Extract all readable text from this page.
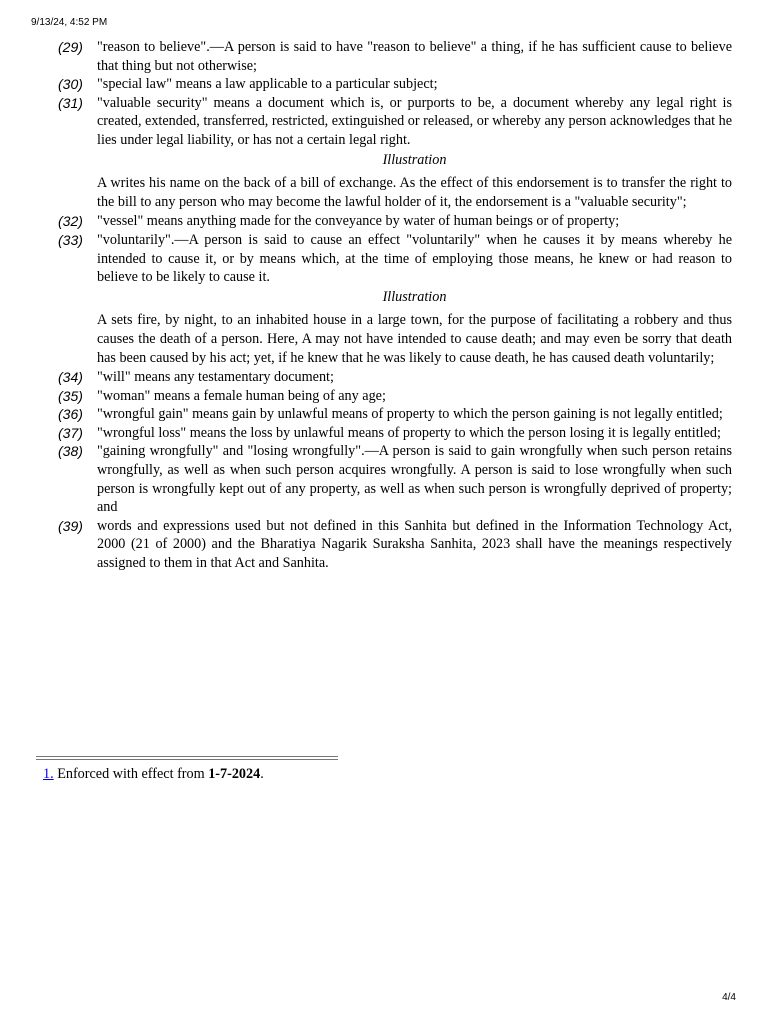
9/13/24, 4:52 PM
(29) "reason to believe".—A person is said to have "reason to believe" a thing, if he has sufficient cause to believe that thing but not otherwise;
(30) "special law" means a law applicable to a particular subject;
(31) "valuable security" means a document which is, or purports to be, a document whereby any legal right is created, extended, transferred, restricted, extinguished or released, or whereby any person acknowledges that he lies under legal liability, or has not a certain legal right.
Illustration
A writes his name on the back of a bill of exchange. As the effect of this endorsement is to transfer the right to the bill to any person who may become the lawful holder of it, the endorsement is a "valuable security";
(32) "vessel" means anything made for the conveyance by water of human beings or of property;
(33) "voluntarily".—A person is said to cause an effect "voluntarily" when he causes it by means whereby he intended to cause it, or by means which, at the time of employing those means, he knew or had reason to believe to be likely to cause it.
Illustration
A sets fire, by night, to an inhabited house in a large town, for the purpose of facilitating a robbery and thus causes the death of a person. Here, A may not have intended to cause death; and may even be sorry that death has been caused by his act; yet, if he knew that he was likely to cause death, he has caused death voluntarily;
(34) "will" means any testamentary document;
(35) "woman" means a female human being of any age;
(36) "wrongful gain" means gain by unlawful means of property to which the person gaining is not legally entitled;
(37) "wrongful loss" means the loss by unlawful means of property to which the person losing it is legally entitled;
(38) "gaining wrongfully" and "losing wrongfully".—A person is said to gain wrongfully when such person retains wrongfully, as well as when such person acquires wrongfully. A person is said to lose wrongfully when such person is wrongfully kept out of any property, as well as when such person is wrongfully deprived of property; and
(39) words and expressions used but not defined in this Sanhita but defined in the Information Technology Act, 2000 (21 of 2000) and the Bharatiya Nagarik Suraksha Sanhita, 2023 shall have the meanings respectively assigned to them in that Act and Sanhita.
1. Enforced with effect from 1-7-2024.
4/4
